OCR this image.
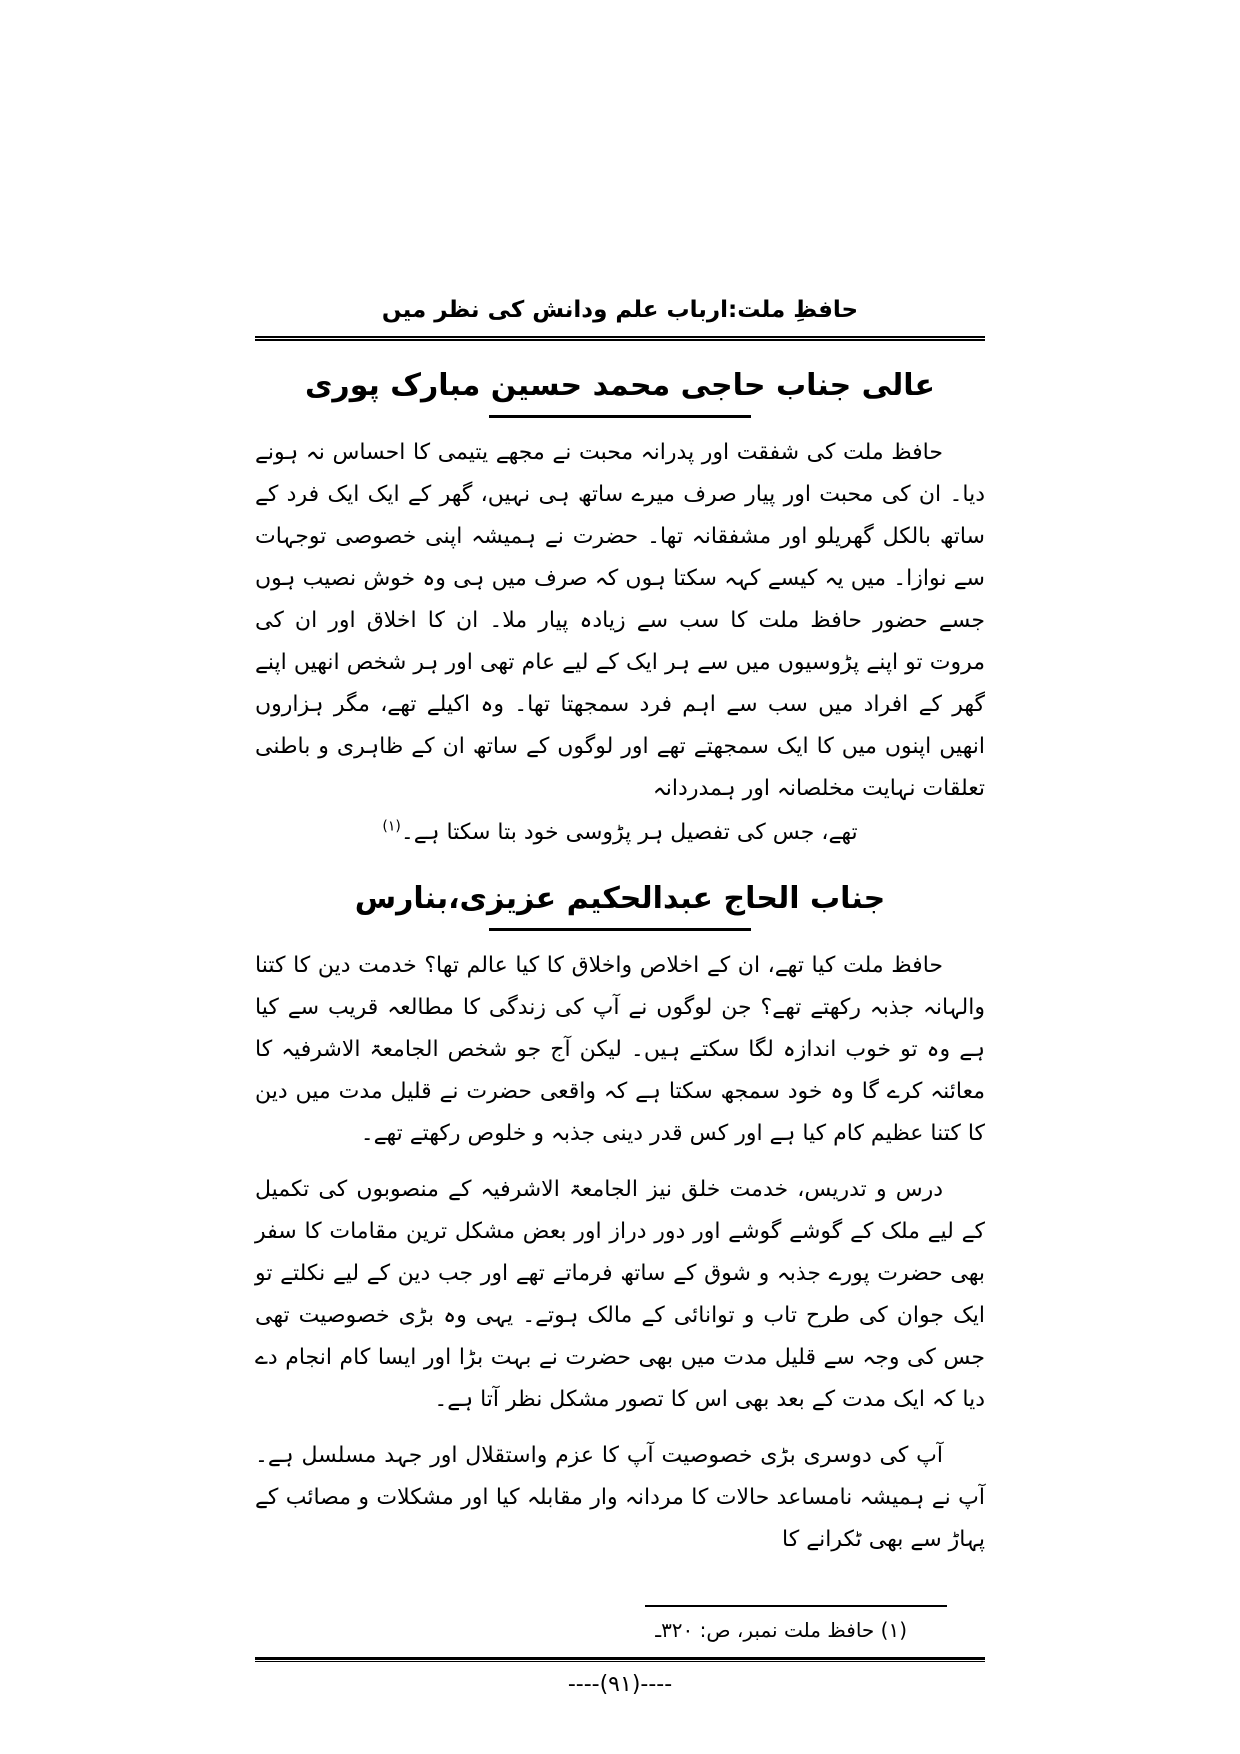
حافظِ ملت:ارباب علم ودانش کی نظر میں
عالی جناب حاجی محمد حسین مبارک پوری

حافظ ملت کی شفقت اور پدرانہ محبت نے مجھے یتیمی کا احساس نہ ہونے دیا۔ ان کی محبت اور پیار صرف میرے ساتھ ہی نہیں، گھر کے ایک ایک فرد کے ساتھ بالکل گھریلو اور مشفقانہ تھا۔ حضرت نے ہمیشہ اپنی خصوصی توجہات سے نوازا۔ میں یہ کیسے کہہ سکتا ہوں کہ صرف میں ہی وہ خوش نصیب ہوں جسے حضور حافظ ملت کا سب سے زیادہ پیار ملا۔ ان کا اخلاق اور ان کی مروت تو اپنے پڑوسیوں میں سے ہر ایک کے لیے عام تھی اور ہر شخص انھیں اپنے گھر کے افراد میں سب سے اہم فرد سمجھتا تھا۔ وہ اکیلے تھے، مگر ہزاروں انھیں اپنوں میں کا ایک سمجھتے تھے اور لوگوں کے ساتھ ان کے ظاہری و باطنی تعلقات نہایت مخلصانہ اور ہمدردانہ

تھے، جس کی تفصیل ہر پڑوسی خود بتا سکتا ہے۔$^{(۱)}$

جناب الحاج عبدالحکیم عزیزی،بنارس

حافظ ملت کیا تھے، ان کے اخلاص واخلاق کا کیا عالم تھا؟ خدمت دین کا کتنا والہانہ جذبہ رکھتے تھے؟ جن لوگوں نے آپ کی زندگی کا مطالعہ قریب سے کیا ہے وہ تو خوب اندازہ لگا سکتے ہیں۔ لیکن آج جو شخص الجامعۃ الاشرفیہ کا معائنہ کرے گا وہ خود سمجھ سکتا ہے کہ واقعی حضرت نے قلیل مدت میں دین کا کتنا عظیم کام کیا ہے اور کس قدر دینی جذبہ و خلوص رکھتے تھے۔

درس و تدریس، خدمت خلق نیز الجامعۃ الاشرفیہ کے منصوبوں کی تکمیل کے لیے ملک کے گوشے گوشے اور دور دراز اور بعض مشکل ترین مقامات کا سفر بھی حضرت پورے جذبہ و شوق کے ساتھ فرماتے تھے اور جب دین کے لیے نکلتے تو ایک جوان کی طرح تاب و توانائی کے مالک ہوتے۔ یہی وہ بڑی خصوصیت تھی جس کی وجہ سے قلیل مدت میں بھی حضرت نے بہت بڑا اور ایسا کام انجام دے دیا کہ ایک مدت کے بعد بھی اس کا تصور مشکل نظر آتا ہے۔

آپ کی دوسری بڑی خصوصیت آپ کا عزم واستقلال اور جہد مسلسل ہے۔ آپ نے ہمیشہ نامساعد حالات کا مردانہ وار مقابلہ کیا اور مشکلات و مصائب کے پہاڑ سے بھی ٹکرانے کا

(۱) حافظ ملت نمبر، ص: ۳۲۰ـ
----(۹۱)----
